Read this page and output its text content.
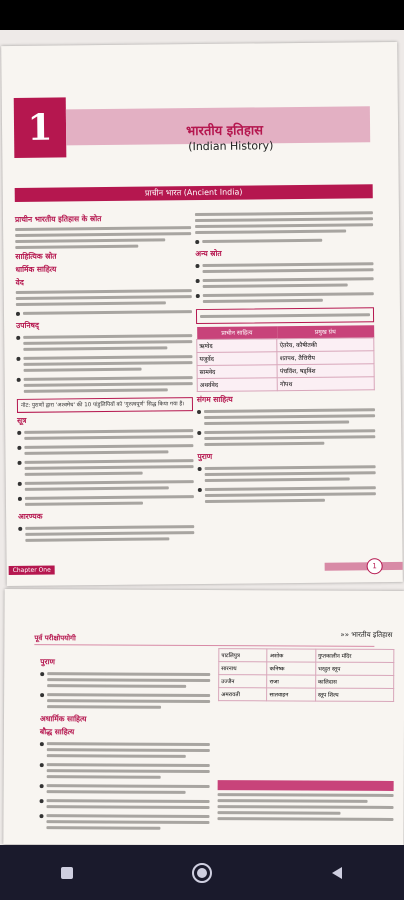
1	भारतीय इतिहास
(Indian History)
प्राचीन भारत (Ancient India)
प्राचीन भारतीय इतिहास के स्रोत
साहित्यिक स्रोत
धार्मिक साहित्य
वेद
उपनिषद्
नोट: पुराणों द्वारा 'अश्वमेध' की 10 पांडुलिपियों को 'गुरुत्वपूर्ण' सिद्ध किया गया है।
सूत्र
आरण्यक
अन्य स्रोत
प्राचीन साहित्य	प्रमुख ग्रंथ
ऋग्वेद	ऐतरेय, कौषीतकी
यजुर्वेद	शतपथ, तैत्तिरीय
सामवेद	पंचविंश, षड्विंश
अथर्ववेद	गोपथ
संगम साहित्य
पुराण
Chapter One
1
पूर्व परीक्षोपयोगी	»» भारतीय इतिहास
पुराण
अधार्मिक साहित्य
बौद्ध साहित्य
पाटलिपुत्र	अशोक	गुप्तकालीन मंदिर
सारनाथ	कनिष्क	भरहुत स्तूप
उज्जैन	राजा	कालिदास
अमरावती	सातवाहन	स्तूप शिल्प
